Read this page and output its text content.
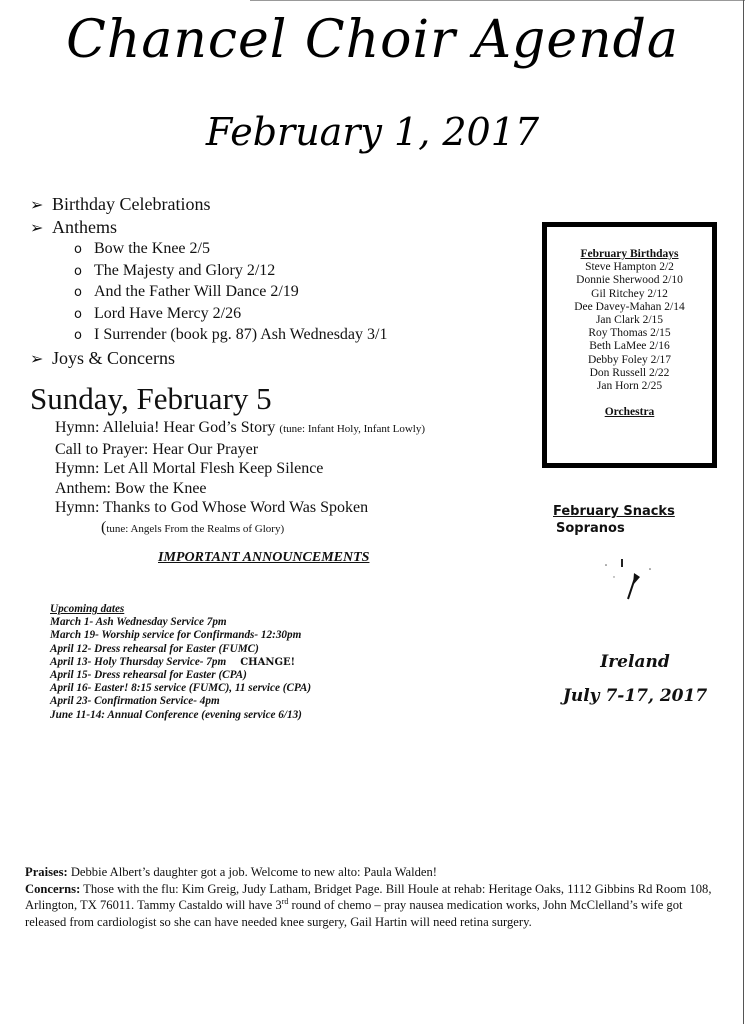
Chancel Choir Agenda
February 1, 2017
➢ Birthday Celebrations
➢ Anthems
o Bow the Knee 2/5
o The Majesty and Glory 2/12
o And the Father Will Dance 2/19
o Lord Have Mercy 2/26
o I Surrender (book pg. 87) Ash Wednesday 3/1
➢ Joys & Concerns
Sunday, February 5
Hymn: Alleluia! Hear God’s Story (tune: Infant Holy, Infant Lowly)
Call to Prayer: Hear Our Prayer
Hymn: Let All Mortal Flesh Keep Silence
Anthem: Bow the Knee
Hymn: Thanks to God Whose Word Was Spoken
(tune: Angels From the Realms of Glory)
IMPORTANT ANNOUNCEMENTS
Upcoming dates
March 1- Ash Wednesday Service 7pm
March 19- Worship service for Confirmands- 12:30pm
April 12- Dress rehearsal for Easter (FUMC)
April 13- Holy Thursday Service- 7pm CHANGE!
April 15- Dress rehearsal for Easter (CPA)
April 16- Easter! 8:15 service (FUMC), 11 service (CPA)
April 23- Confirmation Service- 4pm
June 11-14: Annual Conference (evening service 6/13)
February Birthdays
Steve Hampton 2/2
Donnie Sherwood 2/10
Gil Ritchey 2/12
Dee Davey-Mahan 2/14
Jan Clark 2/15
Roy Thomas 2/15
Beth LaMee 2/16
Debby Foley 2/17
Don Russell 2/22
Jan Horn 2/25
Orchestra
February Snacks
Sopranos
Ireland
July 7-17, 2017
Praises: Debbie Albert’s daughter got a job. Welcome to new alto: Paula Walden!
Concerns: Those with the flu: Kim Greig, Judy Latham, Bridget Page. Bill Houle at rehab: Heritage Oaks, 1112 Gibbins Rd Room 108, Arlington, TX 76011. Tammy Castaldo will have 3rd round of chemo – pray nausea medication works, John McClelland’s wife got released from cardiologist so she can have needed knee surgery, Gail Hartin will need retina surgery.
